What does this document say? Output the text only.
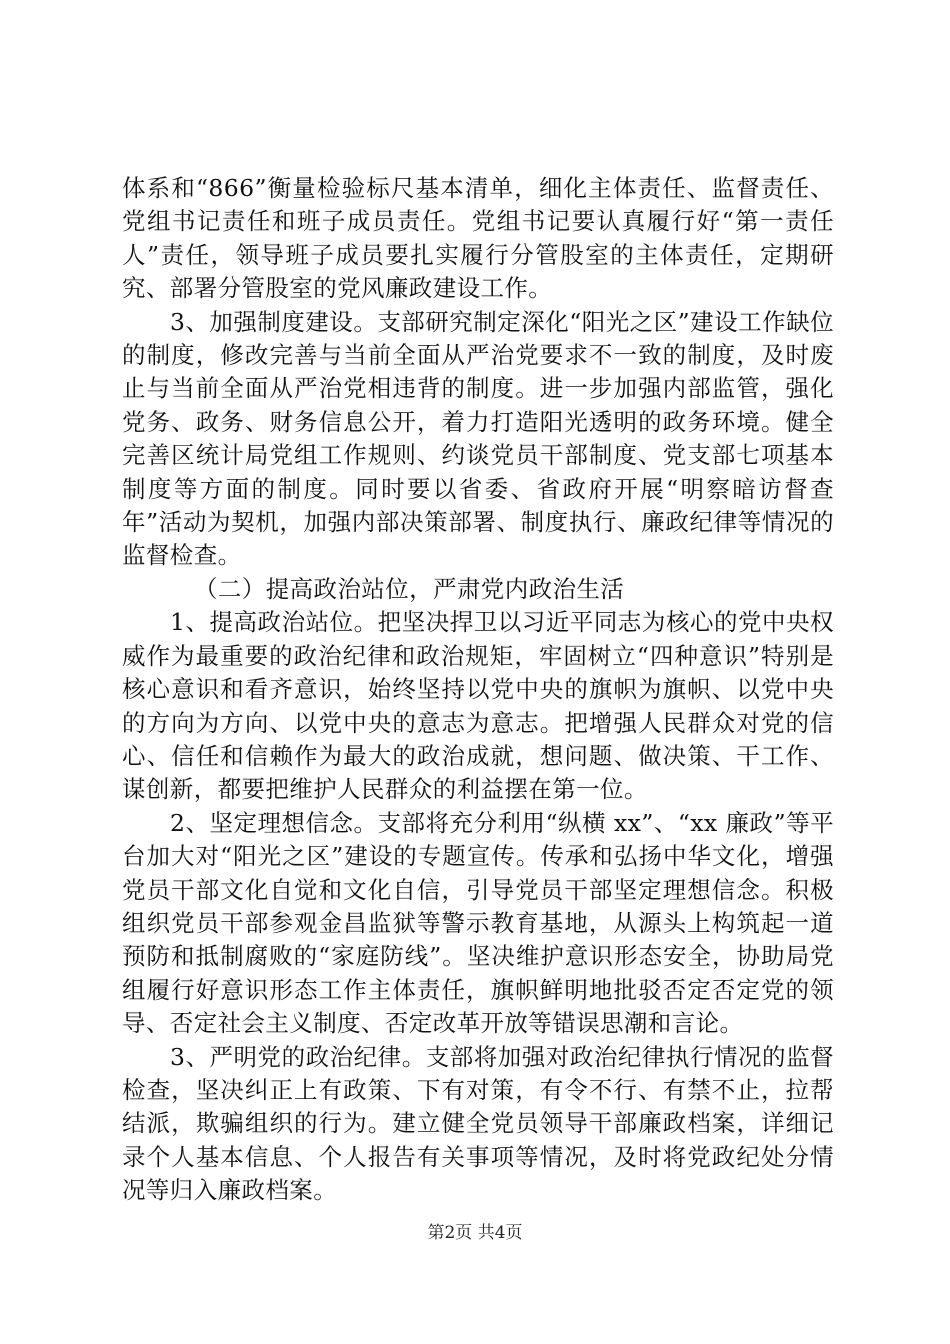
体系和“866”衡量检验标尺基本清单，细化主体责任、监督责任、党组书记责任和班子成员责任。党组书记要认真履行好“第一责任人”责任，领导班子成员要扎实履行分管股室的主体责任，定期研究、部署分管股室的党风廉政建设工作。

3、加强制度建设。支部研究制定深化“阳光之区”建设工作缺位的制度，修改完善与当前全面从严治党要求不一致的制度，及时废止与当前全面从严治党相违背的制度。进一步加强内部监管，强化党务、政务、财务信息公开，着力打造阳光透明的政务环境。健全完善区统计局党组工作规则、约谈党员干部制度、党支部七项基本制度等方面的制度。同时要以省委、省政府开展“明察暗访督查年”活动为契机，加强内部决策部署、制度执行、廉政纪律等情况的监督检查。

（二）提高政治站位，严肃党内政治生活

1、提高政治站位。把坚决捍卫以习近平同志为核心的党中央权威作为最重要的政治纪律和政治规矩，牢固树立“四种意识”特别是核心意识和看齐意识，始终坚持以党中央的旗帜为旗帜、以党中央的方向为方向、以党中央的意志为意志。把增强人民群众对党的信心、信任和信赖作为最大的政治成就，想问题、做决策、干工作、谋创新，都要把维护人民群众的利益摆在第一位。

2、坚定理想信念。支部将充分利用“纵横 xx”、“xx 廉政”等平台加大对“阳光之区”建设的专题宣传。传承和弘扬中华文化，增强党员干部文化自觉和文化自信，引导党员干部坚定理想信念。积极组织党员干部参观金昌监狱等警示教育基地，从源头上构筑起一道预防和抵制腐败的“家庭防线”。坚决维护意识形态安全，协助局党组履行好意识形态工作主体责任，旗帜鲜明地批驳否定否定党的领导、否定社会主义制度、否定改革开放等错误思潮和言论。

3、严明党的政治纪律。支部将加强对政治纪律执行情况的监督检查，坚决纠正上有政策、下有对策，有令不行、有禁不止，拉帮结派，欺骗组织的行为。建立健全党员领导干部廉政档案，详细记录个人基本信息、个人报告有关事项等情况，及时将党政纪处分情况等归入廉政档案。

第2页 共4页
